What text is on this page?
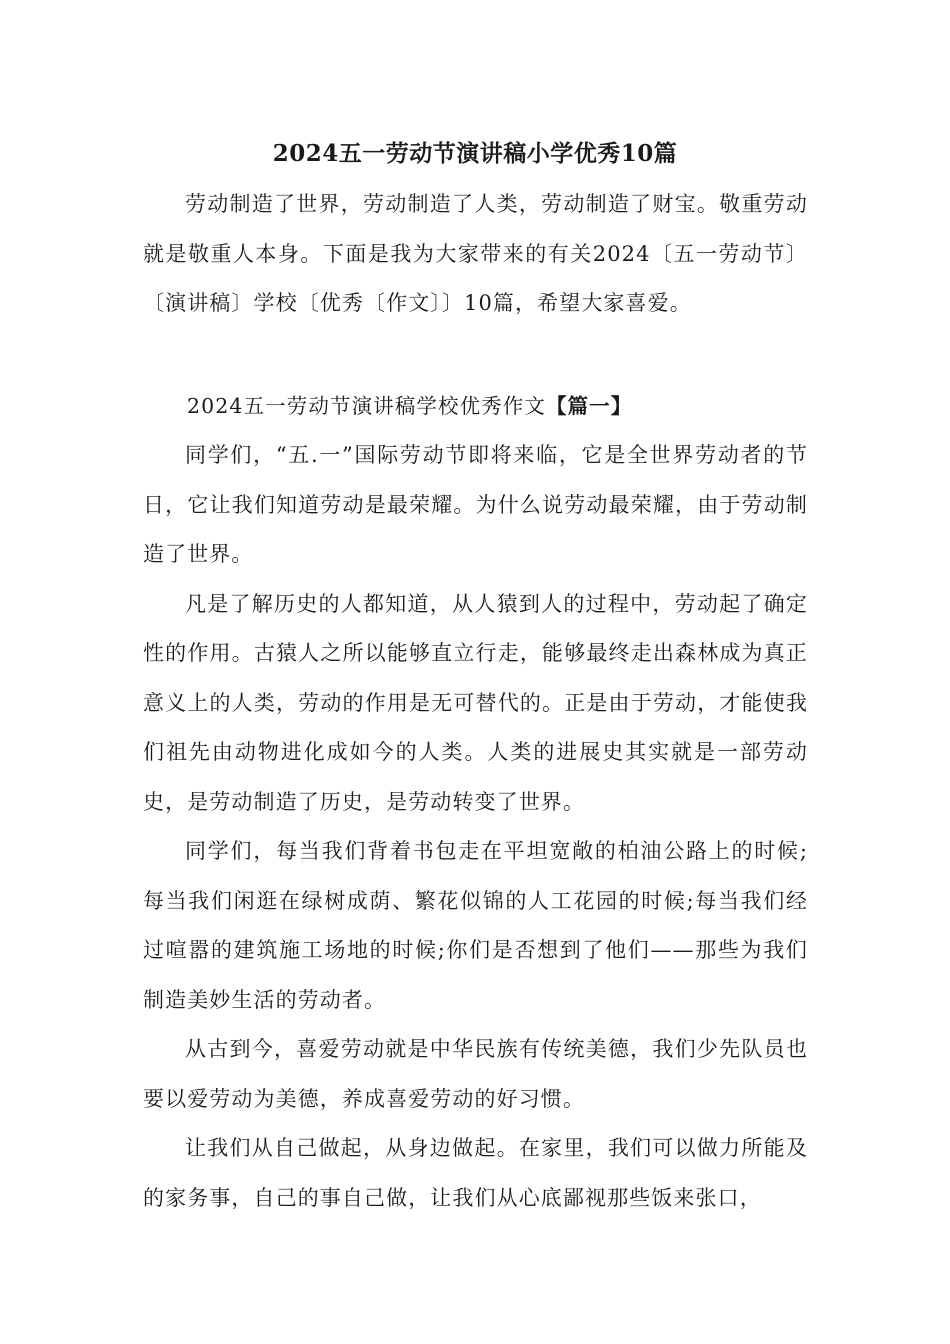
2024五一劳动节演讲稿小学优秀10篇

劳动制造了世界，劳动制造了人类，劳动制造了财宝。敬重劳动就是敬重人本身。下面是我为大家带来的有关2024〔五一劳动节〕〔演讲稿〕学校〔优秀〔作文〕〕10篇，希望大家喜爱。

2024五一劳动节演讲稿学校优秀作文【篇一】

同学们，“五.一”国际劳动节即将来临，它是全世界劳动者的节日，它让我们知道劳动是最荣耀。为什么说劳动最荣耀，由于劳动制造了世界。

凡是了解历史的人都知道，从人猿到人的过程中，劳动起了确定性的作用。古猿人之所以能够直立行走，能够最终走出森林成为真正意义上的人类，劳动的作用是无可替代的。正是由于劳动，才能使我们祖先由动物进化成如今的人类。人类的进展史其实就是一部劳动史，是劳动制造了历史，是劳动转变了世界。

同学们，每当我们背着书包走在平坦宽敞的柏油公路上的时候;每当我们闲逛在绿树成荫、繁花似锦的人工花园的时候;每当我们经过喧嚣的建筑施工场地的时候;你们是否想到了他们——那些为我们制造美妙生活的劳动者。

从古到今，喜爱劳动就是中华民族有传统美德，我们少先队员也要以爱劳动为美德，养成喜爱劳动的好习惯。

让我们从自己做起，从身边做起。在家里，我们可以做力所能及的家务事，自己的事自己做，让我们从心底鄙视那些饭来张口，
